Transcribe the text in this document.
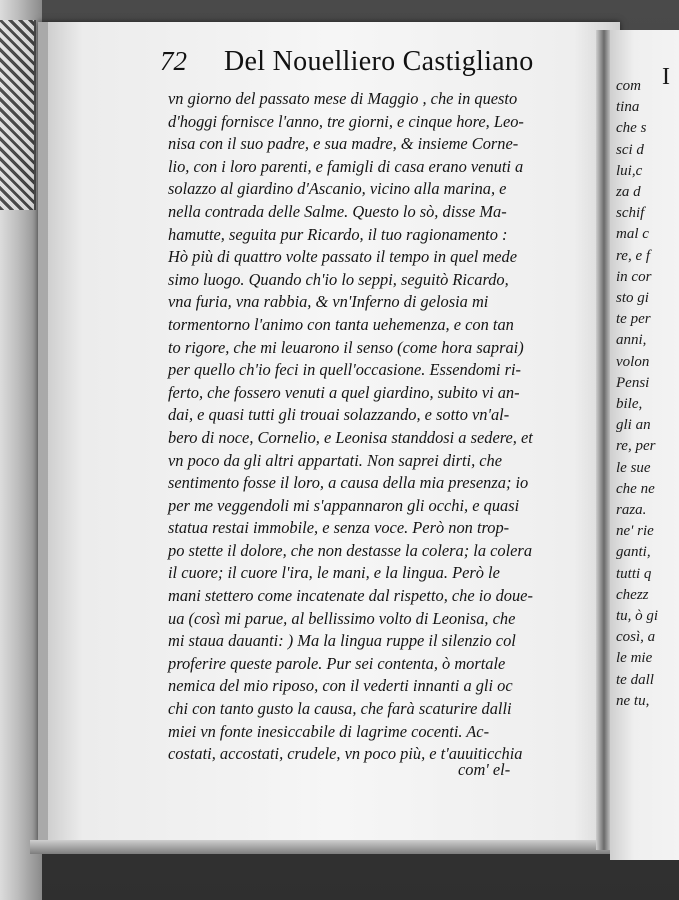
72 Del Nouelliero Castigliano
vn giorno del passato mese di Maggio , che in questo
d'hoggi fornisce l'anno, tre giorni, e cinque hore, Leo-
nisa con il suo padre, e sua madre, & insieme Corne-
lio, con i loro parenti, e famigli di casa erano venuti a
solazzo al giardino d'Ascanio, vicino alla marina, e
nella contrada delle Salme. Questo lo sò, disse Ma-
hamutte, seguita pur Ricardo, il tuo ragionamento :
Hò più di quattro volte passato il tempo in quel mede
simo luogo. Quando ch'io lo seppi, seguitò Ricardo,
vna furia, vna rabbia, & vn'Inferno di gelosia mi
tormentorno l'animo con tanta uehemenza, e con tan
to rigore, che mi leuarono il senso (come hora saprai)
per quello ch'io feci in quell'occasione. Essendomi ri-
ferto, che fossero venuti a quel giardino, subito vi an-
dai, e quasi tutti gli trouai solazzando, e sotto vn'al-
bero di noce, Cornelio, e Leonisa standdosi a sedere, et
vn poco da gli altri appartati. Non saprei dirti, che
sentimento fosse il loro, a causa della mia presenza; io
per me veggendoli mi s'appannaron gli occhi, e quasi
statua restai immobile, e senza voce. Però non trop-
po stette il dolore, che non destasse la colera; la colera
il cuore; il cuore l'ira, le mani, e la lingua. Però le
mani stettero come incatenate dal rispetto, che io doue-
ua (così mi parue, al bellissimo volto di Leonisa, che
mi staua dauanti: ) Ma la lingua ruppe il silenzio col
proferire queste parole. Pur sei contenta, ò mortale
nemica del mio riposo, con il vederti innanti a gli oc
chi con tanto gusto la causa, che farà scaturire dalli
miei vn fonte inesiccabile di lagrime cocenti. Ac-
costati, accostati, crudele, vn poco più, e t'auuiticchia
com' el-
com
tina
che s
sci d
lui,c
za d
schif
mal c
re, e f
in cor
sto gi
te per
anni,
volon
Pensi
bile,
gli an
re, per
le sue
che ne
raza.
ne' rie
ganti,
tutti q
chezz
tu, ò gi
così, a
le mie
te dall
ne tu,
I
